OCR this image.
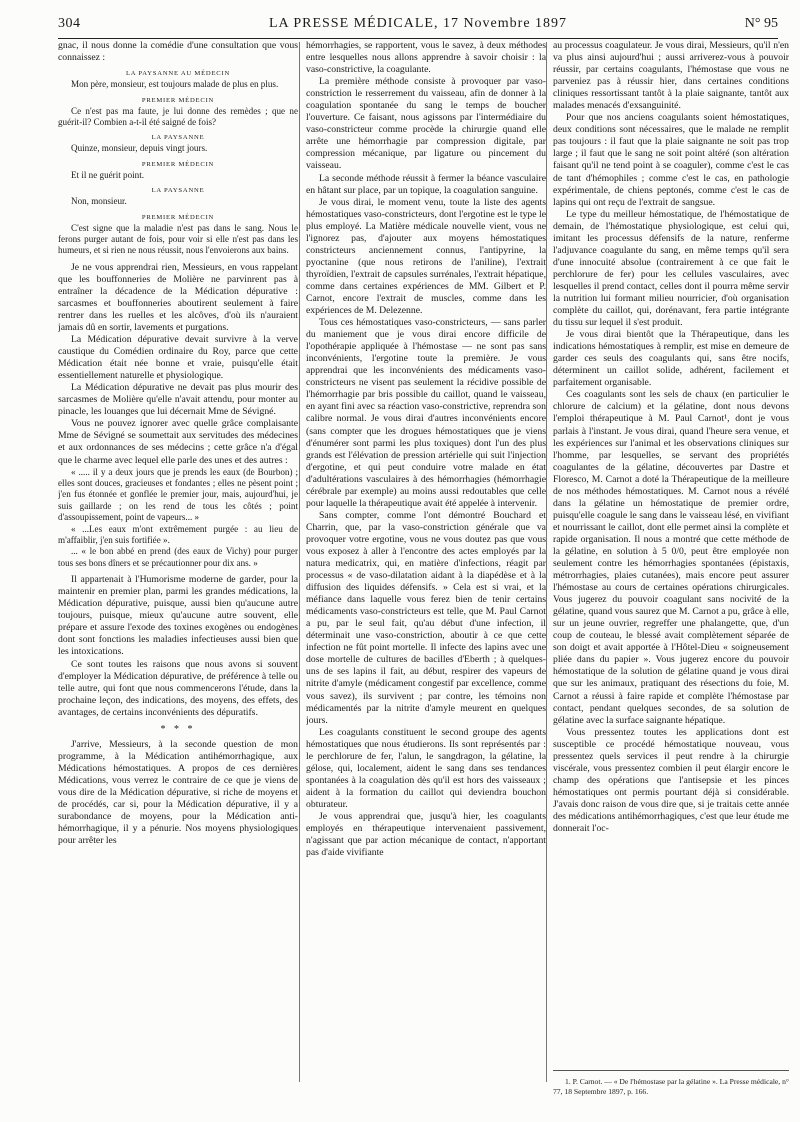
304	LA PRESSE MÉDICALE, 17 Novembre 1897	N° 95

gnac, il nous donne la comédie d'une consultation que vous connaissez :

LA PAYSANNE AU MÉDECIN

Mon père, monsieur, est toujours malade de plus en plus.

PREMIER MÉDECIN

Ce n'est pas ma faute, je lui donne des remèdes ; que ne guérit-il? Combien a-t-il été saigné de fois?

LA PAYSANNE

Quinze, monsieur, depuis vingt jours.

PREMIER MÉDECIN

Et il ne guérit point.

LA PAYSANNE

Non, monsieur.

PREMIER MÉDECIN

C'est signe que la maladie n'est pas dans le sang. Nous le ferons purger autant de fois, pour voir si elle n'est pas dans les humeurs, et si rien ne nous réussit, nous l'envoierons aux bains.

Je ne vous apprendrai rien, Messieurs, en vous rappelant que les bouffonneries de Molière ne parvinrent pas à entraîner la décadence de la Médication dépurative : sarcasmes et bouffonneries aboutirent seulement à faire rentrer dans les ruelles et les alcôves, d'où ils n'auraient jamais dû en sortir, lavements et purgations.

La Médication dépurative devait survivre à la verve caustique du Comédien ordinaire du Roy, parce que cette Médication était née bonne et vraie, puisqu'elle était essentiellement naturelle et physiologique.

La Médication dépurative ne devait pas plus mourir des sarcasmes de Molière qu'elle n'avait attendu, pour monter au pinacle, les louanges que lui décernait Mme de Sévigné.

Vous ne pouvez ignorer avec quelle grâce complaisante Mme de Sévigné se soumettait aux servitudes des médecines et aux ordonnances de ses médecins ; cette grâce n'a d'égal que le charme avec lequel elle parle des unes et des autres :

« ..... il y a deux jours que je prends les eaux (de Bourbon) ; elles sont douces, gracieuses et fondantes ; elles ne pèsent point ; j'en fus étonnée et gonflée le premier jour, mais, aujourd'hui, je suis gaillarde ; on les rend de tous les côtés ; point d'assoupissement, point de vapeurs... »

« ...Les eaux m'ont extrêmement purgée : au lieu de m'affaiblir, j'en suis fortifiée ».

... « le bon abbé en prend (des eaux de Vichy) pour purger tous ses bons dîners et se précautionner pour dix ans. »

Il appartenait à l'Humorisme moderne de garder, pour la maintenir en premier plan, parmi les grandes médications, la Médication dépurative, puisque, aussi bien qu'aucune autre toujours, puisque, mieux qu'aucune autre souvent, elle prépare et assure l'exode des toxines exogènes ou endogènes dont sont fonctions les maladies infectieuses aussi bien que les intoxications.

Ce sont toutes les raisons que nous avons si souvent d'employer la Médication dépurative, de préférence à telle ou telle autre, qui font que nous commencerons l'étude, dans la prochaine leçon, des indications, des moyens, des effets, des avantages, de certains inconvénients des dépuratifs.

* * *

J'arrive, Messieurs, à la seconde question de mon programme, à la Médication antihémorrhagique, aux Médications hémostatiques. A propos de ces dernières Médications, vous verrez le contraire de ce que je viens de vous dire de la Médication dépurative, si riche de moyens et de procédés, car si, pour la Médication dépurative, il y a surabondance de moyens, pour la Médication anti-hémorrhagique, il y a pénurie. Nos moyens physiologiques pour arrêter les

hémorrhagies, se rapportent, vous le savez, à deux méthodes entre lesquelles nous allons apprendre à savoir choisir : la vaso-constrictive, la coagulante.

La première méthode consiste à provoquer par vaso-constriction le resserrement du vaisseau, afin de donner à la coagulation spontanée du sang le temps de boucher l'ouverture. Ce faisant, nous agissons par l'intermédiaire du vaso-constricteur comme procède la chirurgie quand elle arrête une hémorrhagie par compression digitale, par compression mécanique, par ligature ou pincement du vaisseau.

La seconde méthode réussit à fermer la béance vasculaire en hâtant sur place, par un topique, la coagulation sanguine.

Je vous dirai, le moment venu, toute la liste des agents hémostatiques vaso-constricteurs, dont l'ergotine est le type le plus employé. La Matière médicale nouvelle vient, vous ne l'ignorez pas, d'ajouter aux moyens hémostatiques constricteurs anciennement connus, l'antipyrine, la pyoctanine (que nous retirons de l'aniline), l'extrait thyroïdien, l'extrait de capsules surrénales, l'extrait hépatique, comme dans certaines expériences de MM. Gilbert et P. Carnot, encore l'extrait de muscles, comme dans les expériences de M. Delezenne.

Tous ces hémostatiques vaso-constricteurs, — sans parler du maniement que je vous dirai encore difficile de l'opothérapie appliquée à l'hémostase — ne sont pas sans inconvénients, l'ergotine toute la première. Je vous apprendrai que les inconvénients des médicaments vaso-constricteurs ne visent pas seulement la récidive possible de l'hémorrhagie par bris possible du caillot, quand le vaisseau, en ayant fini avec sa réaction vaso-constrictive, reprendra son calibre normal. Je vous dirai d'autres inconvénients encore (sans compter que les drogues hémostatiques que je viens d'énumérer sont parmi les plus toxiques) dont l'un des plus grands est l'élévation de pression artérielle qui suit l'injection d'ergotine, et qui peut conduire votre malade en état d'adultérations vasculaires à des hémorrhagies (hémorrhagie cérébrale par exemple) au moins aussi redoutables que celle pour laquelle la thérapeutique avait été appelée à intervenir.

Sans compter, comme l'ont démontré Bouchard et Charrin, que, par la vaso-constriction générale que va provoquer votre ergotine, vous ne vous doutez pas que vous vous exposez à aller à l'encontre des actes employés par la natura medicatrix, qui, en matière d'infections, réagit par processus « de vaso-dilatation aidant à la diapédèse et à la diffusion des liquides défensifs. » Cela est si vrai, et la méfiance dans laquelle vous ferez bien de tenir certains médicaments vaso-constricteurs est telle, que M. Paul Carnot a pu, par le seul fait, qu'au début d'une infection, il déterminait une vaso-constriction, aboutir à ce que cette infection ne fût point mortelle. Il infecte des lapins avec une dose mortelle de cultures de bacilles d'Eberth ; à quelques-uns de ses lapins il fait, au début, respirer des vapeurs de nitrite d'amyle (médicament congestif par excellence, comme vous savez), ils survivent ; par contre, les témoins non médicamentés par la nitrite d'amyle meurent en quelques jours.

Les coagulants constituent le second groupe des agents hémostatiques que nous étudierons. Ils sont représentés par : le perchlorure de fer, l'alun, le sangdragon, la gélatine, la gélose, qui, localement, aident le sang dans ses tendances spontanées à la coagulation dès qu'il est hors des vaisseaux ; aident à la formation du caillot qui deviendra bouchon obturateur.

Je vous apprendrai que, jusqu'à hier, les coagulants employés en thérapeutique intervenaient passivement, n'agissant que par action mécanique de contact, n'apportant pas d'aide vivifiante

au processus coagulateur. Je vous dirai, Messieurs, qu'il n'en va plus ainsi aujourd'hui ; aussi arriverez-vous à pouvoir réussir, par certains coagulants, l'hémostase que vous ne parveniez pas à réussir hier, dans certaines conditions cliniques ressortissant tantôt à la plaie saignante, tantôt aux malades menacés d'exsanguinité.

Pour que nos anciens coagulants soient hémostatiques, deux conditions sont nécessaires, que le malade ne remplit pas toujours : il faut que la plaie saignante ne soit pas trop large ; il faut que le sang ne soit point altéré (son altération faisant qu'il ne tend point à se coaguler), comme c'est le cas de tant d'hémophiles ; comme c'est le cas, en pathologie expérimentale, de chiens peptonés, comme c'est le cas de lapins qui ont reçu de l'extrait de sangsue.

Le type du meilleur hémostatique, de l'hémostatique de demain, de l'hémostatique physiologique, est celui qui, imitant les processus défensifs de la nature, renferme l'adjuvance coagulante du sang, en même temps qu'il sera d'une innocuité absolue (contrairement à ce que fait le perchlorure de fer) pour les cellules vasculaires, avec lesquelles il prend contact, celles dont il pourra même servir la nutrition lui formant milieu nourricier, d'où organisation complète du caillot, qui, dorénavant, fera partie intégrante du tissu sur lequel il s'est produit.

Je vous dirai bientôt que la Thérapeutique, dans les indications hémostatiques à remplir, est mise en demeure de garder ces seuls des coagulants qui, sans être nocifs, déterminent un caillot solide, adhérent, facilement et parfaitement organisable.

Ces coagulants sont les sels de chaux (en particulier le chlorure de calcium) et la gélatine, dont nous devons l'emploi thérapeutique à M. Paul Carnot¹, dont je vous parlais à l'instant. Je vous dirai, quand l'heure sera venue, et les expériences sur l'animal et les observations cliniques sur l'homme, par lesquelles, se servant des propriétés coagulantes de la gélatine, découvertes par Dastre et Floresco, M. Carnot a doté la Thérapeutique de la meilleure de nos méthodes hémostatiques. M. Carnot nous a révélé dans la gélatine un hémostatique de premier ordre, puisqu'elle coagule le sang dans le vaisseau lésé, en vivifiant et nourrissant le caillot, dont elle permet ainsi la complète et rapide organisation. Il nous a montré que cette méthode de la gélatine, en solution à 5 0/0, peut être employée non seulement contre les hémorrhagies spontanées (épistaxis, métrorrhagies, plaies cutanées), mais encore peut assurer l'hémostase au cours de certaines opérations chirurgicales. Vous jugerez du pouvoir coagulant sans nocivité de la gélatine, quand vous saurez que M. Carnot a pu, grâce à elle, sur un jeune ouvrier, regreffer une phalangette, que, d'un coup de couteau, le blessé avait complètement séparée de son doigt et avait apportée à l'Hôtel-Dieu « soigneusement pliée dans du papier ». Vous jugerez encore du pouvoir hémostatique de la solution de gélatine quand je vous dirai que sur les animaux, pratiquant des résections du foie, M. Carnot a réussi à faire rapide et complète l'hémostase par contact, pendant quelques secondes, de sa solution de gélatine avec la surface saignante hépatique.

Vous pressentez toutes les applications dont est susceptible ce procédé hémostatique nouveau, vous pressentez quels services il peut rendre à la chirurgie viscérale, vous pressentez combien il peut élargir encore le champ des opérations que l'antisepsie et les pinces hémostatiques ont permis pourtant déjà si considérable. J'avais donc raison de vous dire que, si je traitais cette année des médications antihémorrhagiques, c'est que leur étude me donnerait l'oc-

1. P. Carnot. — « De l'hémostase par la gélatine ». La Presse médicale, n° 77, 18 Septembre 1897, p. 166.
